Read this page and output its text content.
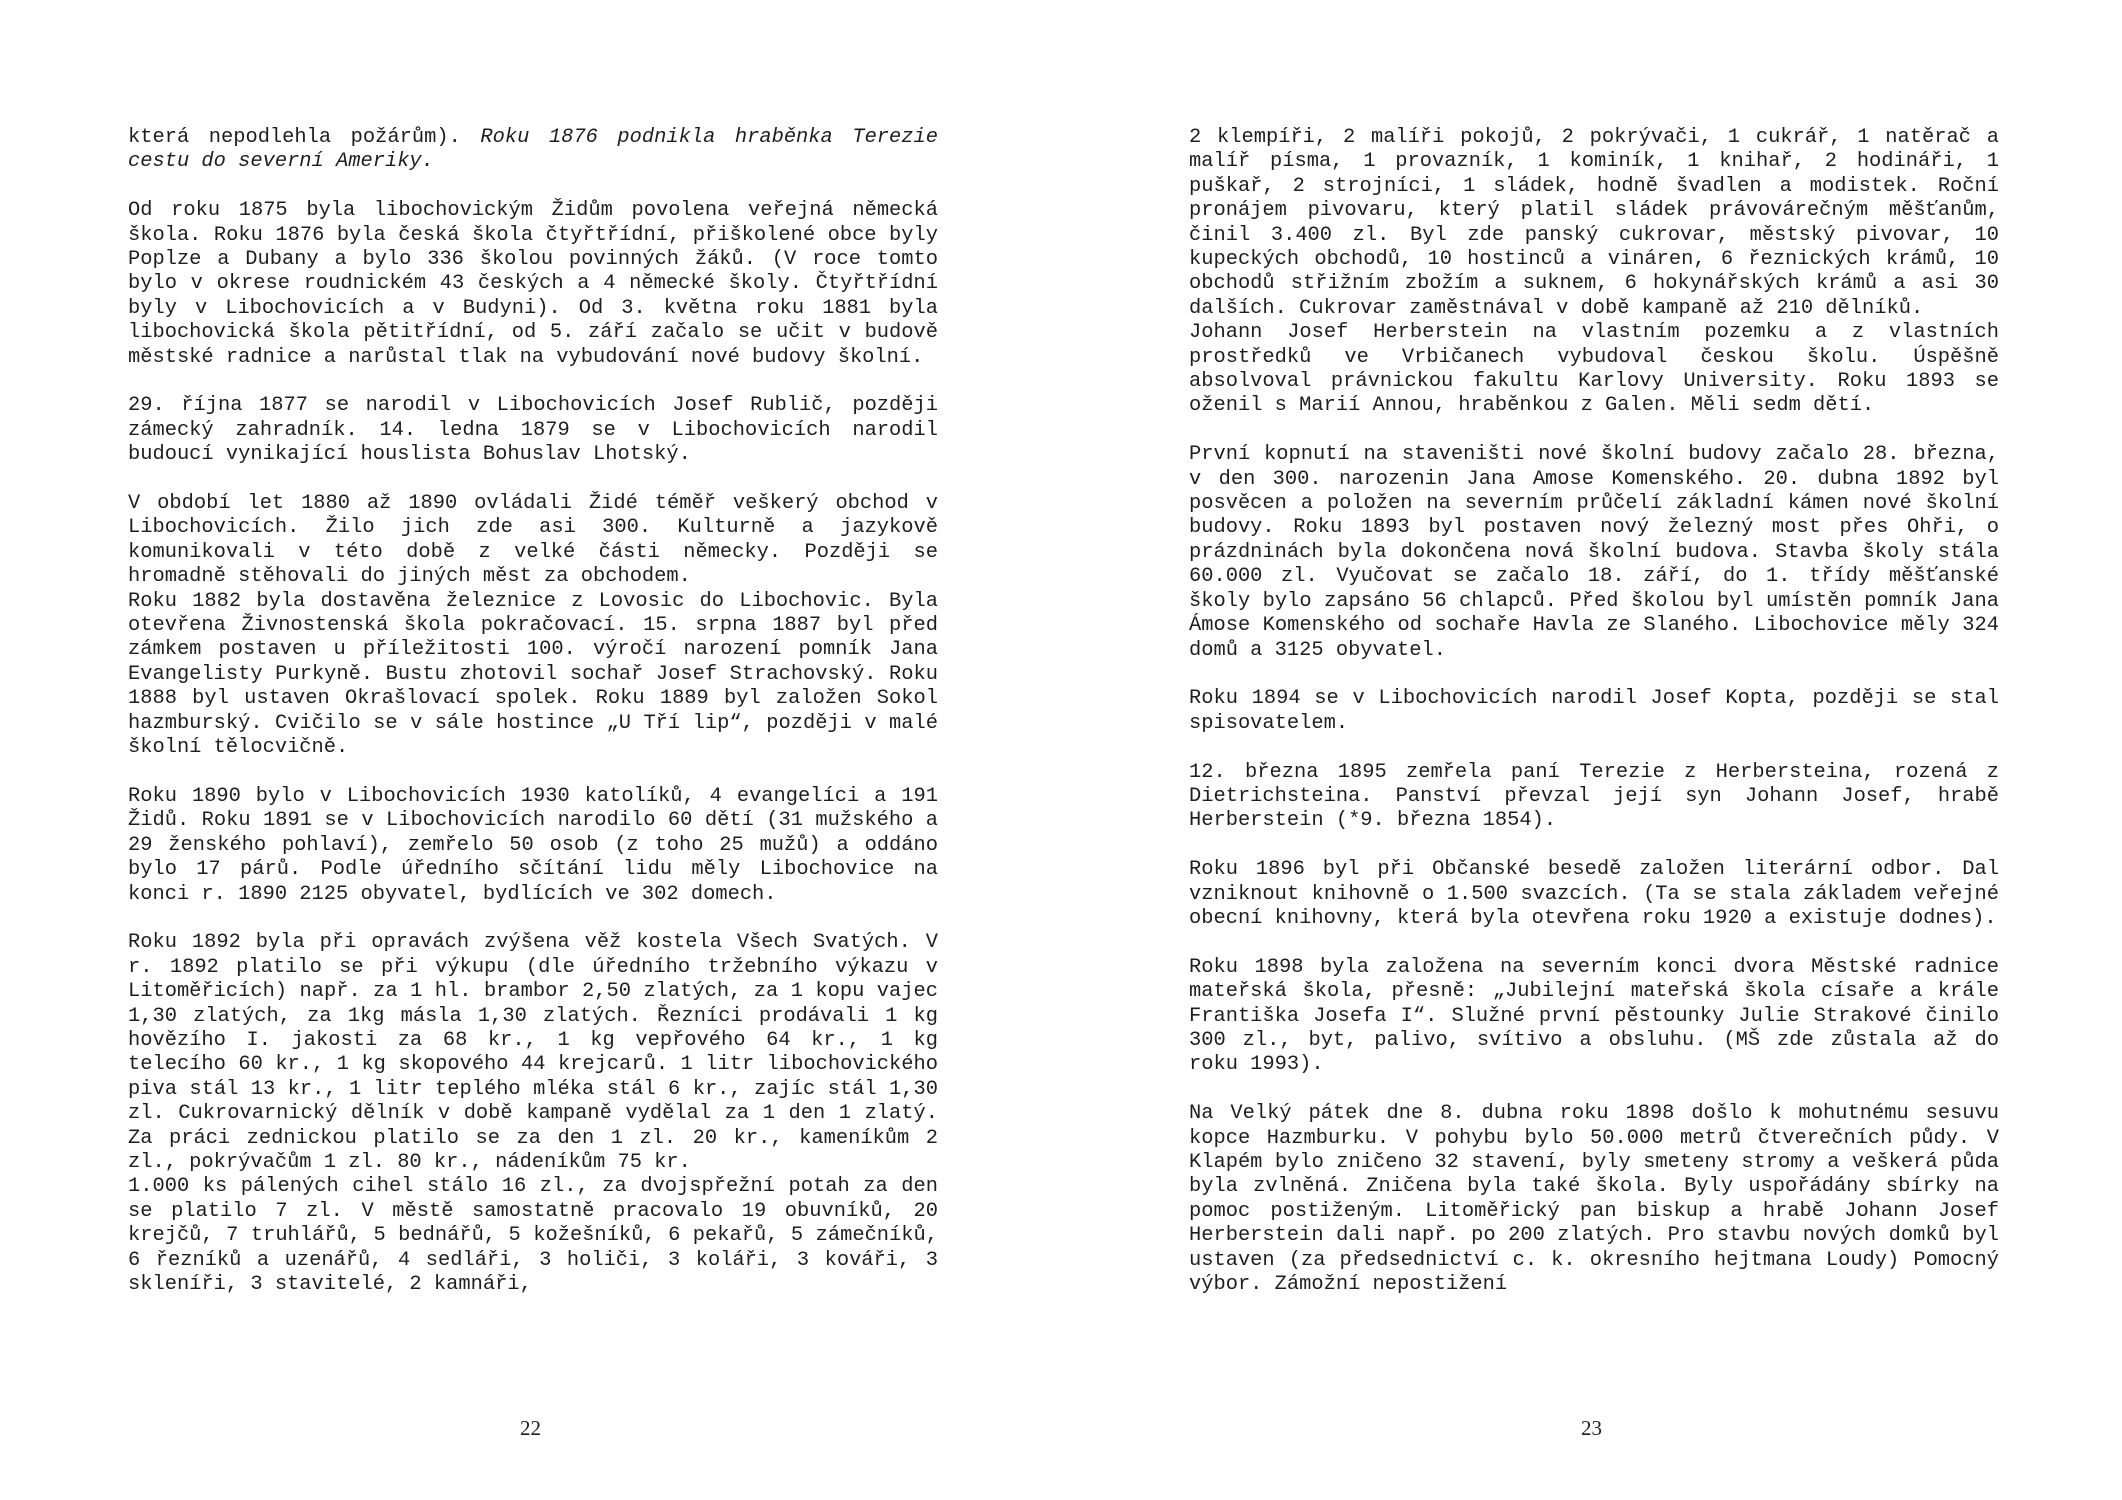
která nepodlehla požárům). Roku 1876 podnikla hraběnka Terezie cestu do severní Ameriky.

Od roku 1875 byla libochovickým Židům povolena veřejná německá škola. Roku 1876 byla česká škola čtyřtřídní, přiškolené obce byly Poplze a Dubany a bylo 336 školou povinných žáků. (V roce tomto bylo v okrese roudnickém 43 českých a 4 německé školy. Čtyřtřídní byly v Libochovicích a v Budyni). Od 3. května roku 1881 byla libochovická škola pětitřídní, od 5. září začalo se učit v budově městské radnice a narůstal tlak na vybudování nové budovy školní.

29. října 1877 se narodil v Libochovicích Josef Rublič, později zámecký zahradník. 14. ledna 1879 se v Libochovicích narodil budoucí vynikající houslista Bohuslav Lhotský.

V období let 1880 až 1890 ovládali Židé téměř veškerý obchod v Libochovicích. Žilo jich zde asi 300. Kulturně a jazykově komunikovali v této době z velké části německy. Později se hromadně stěhovali do jiných měst za obchodem.

Roku 1882 byla dostavěna železnice z Lovosic do Libochovic. Byla otevřena Živnostenská škola pokračovací. 15. srpna 1887 byl před zámkem postaven u příležitosti 100. výročí narození pomník Jana Evangelisty Purkyně. Bustu zhotovil sochař Josef Strachovský. Roku 1888 byl ustaven Okrašlovací spolek. Roku 1889 byl založen Sokol hazmburský. Cvičilo se v sále hostince „U Tří lip“, později v malé školní tělocvičně.

Roku 1890 bylo v Libochovicích 1930 katolíků, 4 evangelíci a 191 Židů. Roku 1891 se v Libochovicích narodilo 60 dětí (31 mužského a 29 ženského pohlaví), zemřelo 50 osob (z toho 25 mužů) a oddáno bylo 17 párů. Podle úředního sčítání lidu měly Libochovice na konci r. 1890 2125 obyvatel, bydlících ve 302 domech.

Roku 1892 byla při opravách zvýšena věž kostela Všech Svatých. V r. 1892 platilo se při výkupu (dle úředního tržebního výkazu v Litoměřicích) např. za 1 hl. brambor 2,50 zlatých, za 1 kopu vajec 1,30 zlatých, za 1kg másla 1,30 zlatých. Řezníci prodávali 1 kg hovězího I. jakosti za 68 kr., 1 kg vepřového 64 kr., 1 kg telecího 60 kr., 1 kg skopového 44 krejcarů. 1 litr libochovického piva stál 13 kr., 1 litr teplého mléka stál 6 kr., zajíc stál 1,30 zl. Cukrovarnický dělník v době kampaně vydělal za 1 den 1 zlatý. Za práci zednickou platilo se za den 1 zl. 20 kr., kameníkům 2 zl., pokrývačům 1 zl. 80 kr., nádeníkům 75 kr.

1.000 ks pálených cihel stálo 16 zl., za dvojspřežní potah za den se platilo 7 zl. V městě samostatně pracovalo 19 obuvníků, 20 krejčů, 7 truhlářů, 5 bednářů, 5 kožešníků, 6 pekařů, 5 zámečníků, 6 řezníků a uzenářů, 4 sedláři, 3 holiči, 3 koláři, 3 kováři, 3 skleníři, 3 stavitelé, 2 kamnáři,

22

2 klempíři, 2 malíři pokojů, 2 pokrývači, 1 cukrář, 1 natěrač a malíř písma, 1 provazník, 1 kominík, 1 knihař, 2 hodináři, 1 puškař, 2 strojníci, 1 sládek, hodně švadlen a modistek. Roční pronájem pivovaru, který platil sládek právovárečným měšťanům, činil 3.400 zl. Byl zde panský cukrovar, městský pivovar, 10 kupeckých obchodů, 10 hostinců a vináren, 6 řeznických krámů, 10 obchodů střižním zbožím a suknem, 6 hokynářských krámů a asi 30 dalších. Cukrovar zaměstnával v době kampaně až 210 dělníků.

Johann Josef Herberstein na vlastním pozemku a z vlastních prostředků ve Vrbičanech vybudoval českou školu. Úspěšně absolvoval právnickou fakultu Karlovy University. Roku 1893 se oženil s Marií Annou, hraběnkou z Galen. Měli sedm dětí.

První kopnutí na staveništi nové školní budovy začalo 28. března, v den 300. narozenin Jana Amose Komenského. 20. dubna 1892 byl posvěcen a položen na severním průčelí základní kámen nové školní budovy. Roku 1893 byl postaven nový železný most přes Ohři, o prázdninách byla dokončena nová školní budova. Stavba školy stála 60.000 zl. Vyučovat se začalo 18. září, do 1. třídy měšťanské školy bylo zapsáno 56 chlapců. Před školou byl umístěn pomník Jana Ámose Komenského od sochaře Havla ze Slaného. Libochovice měly 324 domů a 3125 obyvatel.

Roku 1894 se v Libochovicích narodil Josef Kopta, později se stal spisovatelem.

12. března 1895 zemřela paní Terezie z Herbersteina, rozená z Dietrichsteina. Panství převzal její syn Johann Josef, hrabě Herberstein (*9. března 1854).

Roku 1896 byl při Občanské besedě založen literární odbor. Dal vzniknout knihovně o 1.500 svazcích. (Ta se stala základem veřejné obecní knihovny, která byla otevřena roku 1920 a existuje dodnes).

Roku 1898 byla založena na severním konci dvora Městské radnice mateřská škola, přesně: „Jubilejní mateřská škola císaře a krále Františka Josefa I“. Služné první pěstounky Julie Strakové činilo 300 zl., byt, palivo, svítivo a obsluhu. (MŠ zde zůstala až do roku 1993).

Na Velký pátek dne 8. dubna roku 1898 došlo k mohutnému sesuvu kopce Hazmburku. V pohybu bylo 50.000 metrů čtverečních půdy. V Klapém bylo zničeno 32 stavení, byly smeteny stromy a veškerá půda byla zvlněná. Zničena byla také škola. Byly uspořádány sbírky na pomoc postiženým. Litoměřický pan biskup a hrabě Johann Josef Herberstein dali např. po 200 zlatých. Pro stavbu nových domků byl ustaven (za předsednictví c. k. okresního hejtmana Loudy) Pomocný výbor. Zámožní nepostižení

23
